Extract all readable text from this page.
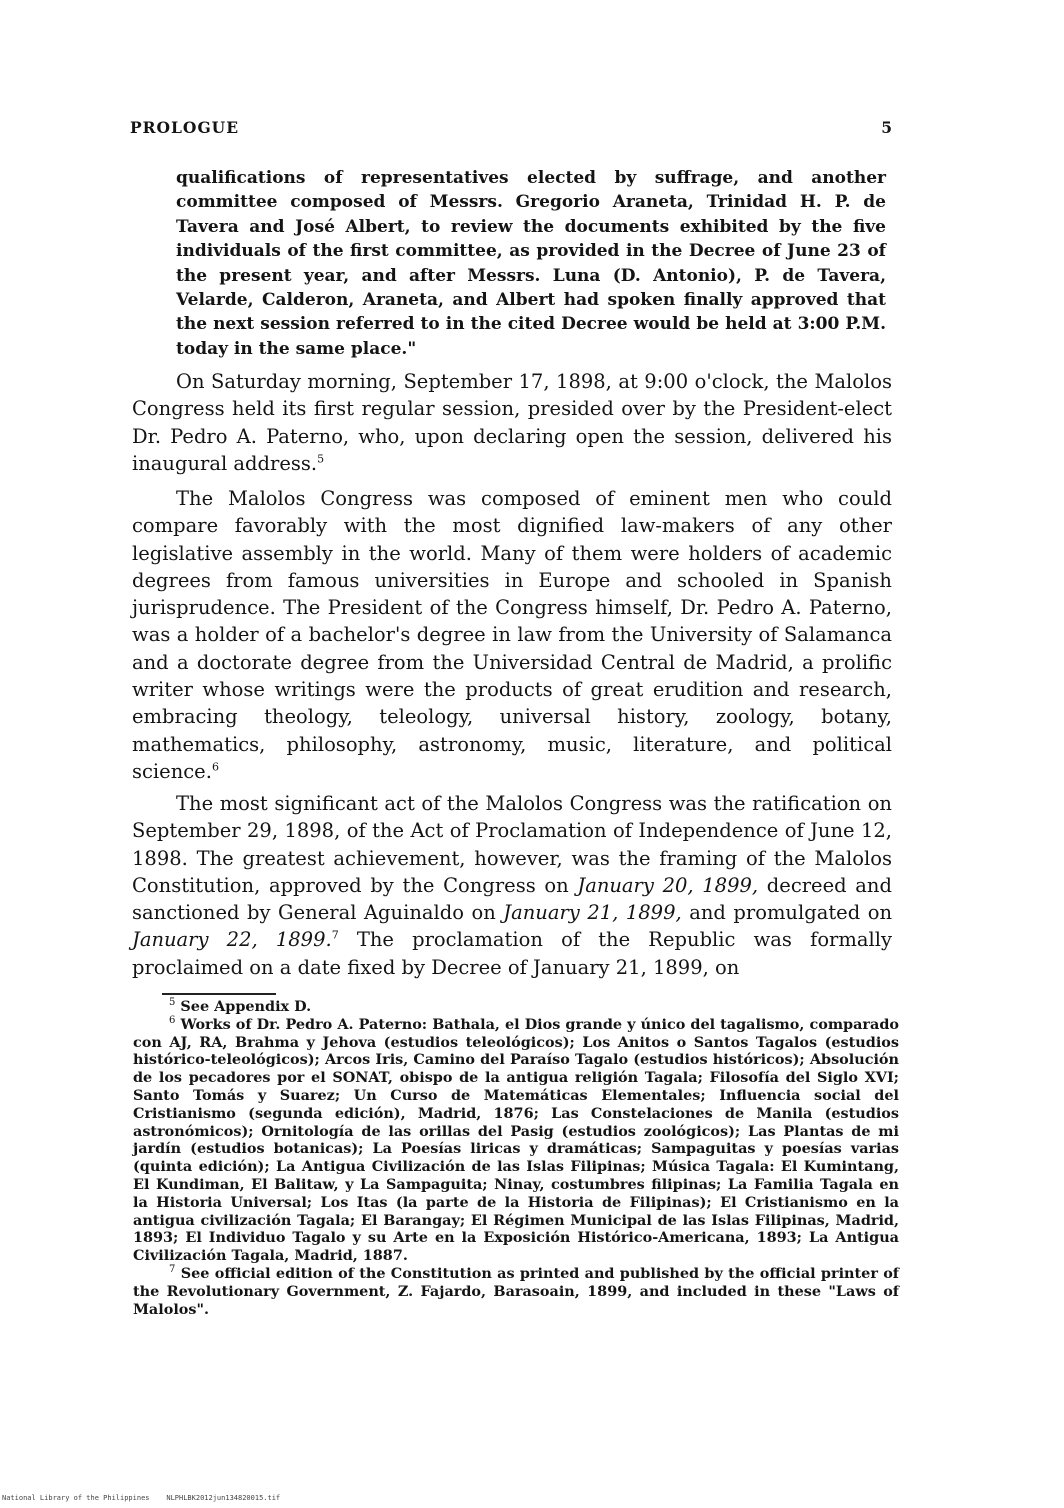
PROLOGUE	5

qualifications of representatives elected by suffrage, and another committee composed of Messrs. Gregorio Araneta, Trinidad H. P. de Tavera and José Albert, to review the documents exhibited by the five individuals of the first committee, as provided in the Decree of June 23 of the present year, and after Messrs. Luna (D. Antonio), P. de Tavera, Velarde, Calderon, Araneta, and Albert had spoken finally approved that the next session referred to in the cited Decree would be held at 3:00 P.M. today in the same place."

On Saturday morning, September 17, 1898, at 9:00 o'clock, the Malolos Congress held its first regular session, presided over by the President-elect Dr. Pedro A. Paterno, who, upon declaring open the session, delivered his inaugural address.$^5$

The Malolos Congress was composed of eminent men who could compare favorably with the most dignified law-makers of any other legislative assembly in the world. Many of them were holders of academic degrees from famous universities in Europe and schooled in Spanish jurisprudence. The President of the Congress himself, Dr. Pedro A. Paterno, was a holder of a bachelor's degree in law from the University of Salamanca and a doctorate degree from the Universidad Central de Madrid, a prolific writer whose writings were the products of great erudition and research, embracing theology, teleology, universal history, zoology, botany, mathematics, philosophy, astronomy, music, literature, and political science.$^6$

The most significant act of the Malolos Congress was the ratification on September 29, 1898, of the Act of Proclamation of Independence of June 12, 1898. The greatest achievement, however, was the framing of the Malolos Constitution, approved by the Congress on January 20, 1899, decreed and sanctioned by General Aguinaldo on January 21, 1899, and promulgated on January 22, 1899.$^7$ The proclamation of the Republic was formally proclaimed on a date fixed by Decree of January 21, 1899, on

$^5$ See Appendix D.

$^6$ Works of Dr. Pedro A. Paterno: Bathala, el Dios grande y único del tagalismo, comparado con AJ, RA, Brahma y Jehova (estudios teleológicos); Los Anitos o Santos Tagalos (estudios histórico-teleológicos); Arcos Iris, Camino del Paraíso Tagalo (estudios históricos); Absolución de los pecadores por el SONAT, obispo de la antigua religión Tagala; Filosofía del Siglo XVI; Santo Tomás y Suarez; Un Curso de Matemáticas Elementales; Influencia social del Cristianismo (segunda edición), Madrid, 1876; Las Constelaciones de Manila (estudios astronómicos); Ornitología de las orillas del Pasig (estudios zoológicos); Las Plantas de mi jardín (estudios botanicas); La Poesías liricas y dramáticas; Sampaguitas y poesías varias (quinta edición); La Antigua Civilización de las Islas Filipinas; Música Tagala: El Kumintang, El Kundiman, El Balitaw, y La Sampaguita; Ninay, costumbres filipinas; La Familia Tagala en la Historia Universal; Los Itas (la parte de la Historia de Filipinas); El Cristianismo en la antigua civilización Tagala; El Barangay; El Régimen Municipal de las Islas Filipinas, Madrid, 1893; El Individuo Tagalo y su Arte en la Exposición Histórico-Americana, 1893; La Antigua Civilización Tagala, Madrid, 1887.

$^7$ See official edition of the Constitution as printed and published by the official printer of the Revolutionary Government, Z. Fajardo, Barasoain, 1899, and included in these "Laws of Malolos".

National Library of the Philippines    NLPHLBK2012jun134820015.tif
